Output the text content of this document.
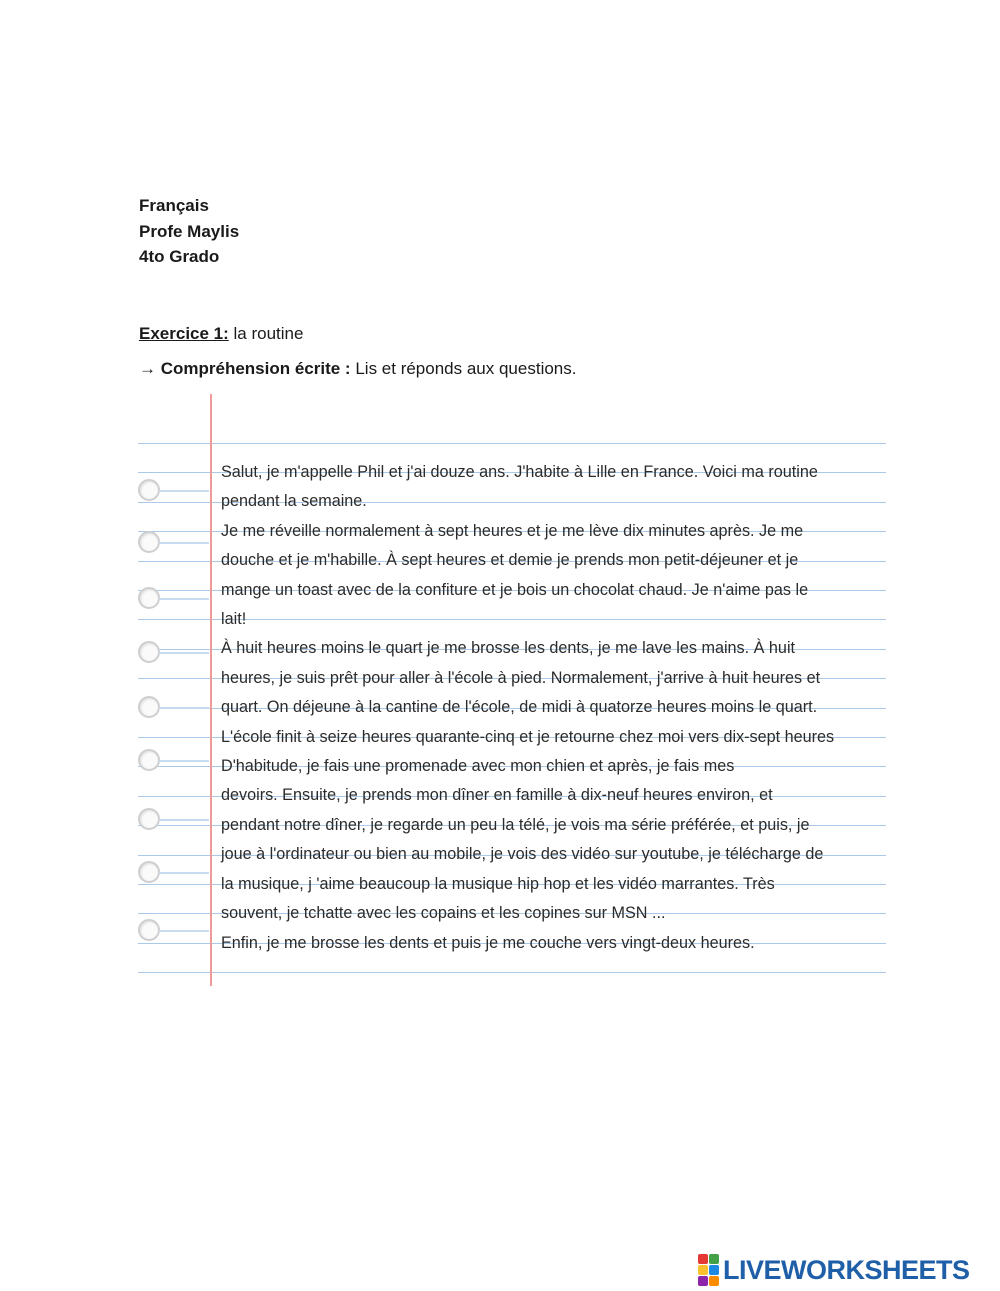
Français
Profe Maylis
4to Grado
Exercice 1: la routine
→ Compréhension écrite : Lis et réponds aux questions.

Salut, je m'appelle Phil et j'ai douze ans. J'habite à Lille en France. Voici ma routine

pendant la semaine.

Je me réveille normalement à sept heures et je me lève dix minutes après. Je me

douche et je m'habille. À sept heures et demie je prends mon petit-déjeuner et je

mange un toast avec de la confiture et je bois un chocolat chaud. Je n'aime pas le

lait!

À huit heures moins le quart je me brosse les dents, je me lave les mains. À huit

heures, je suis prêt pour aller à l'école à pied. Normalement, j'arrive à huit heures et

quart. On déjeune à la cantine de l'école, de midi à quatorze heures moins le quart.

L'école finit à seize heures quarante-cinq et je retourne chez moi vers dix-sept heures

D'habitude, je fais une promenade avec mon chien et après, je fais mes

devoirs. Ensuite, je prends mon dîner en famille à dix-neuf heures environ, et

pendant notre dîner, je regarde un peu la télé, je vois ma série préférée, et puis, je

joue à l'ordinateur ou bien au mobile, je vois des vidéo sur youtube, je télécharge de

la musique, j 'aime beaucoup la musique hip hop et les vidéo marrantes. Très

souvent, je tchatte avec les copains et les copines sur MSN ...

Enfin, je me brosse les dents et puis je me couche vers vingt-deux heures.

LIVEWORKSHEETS
